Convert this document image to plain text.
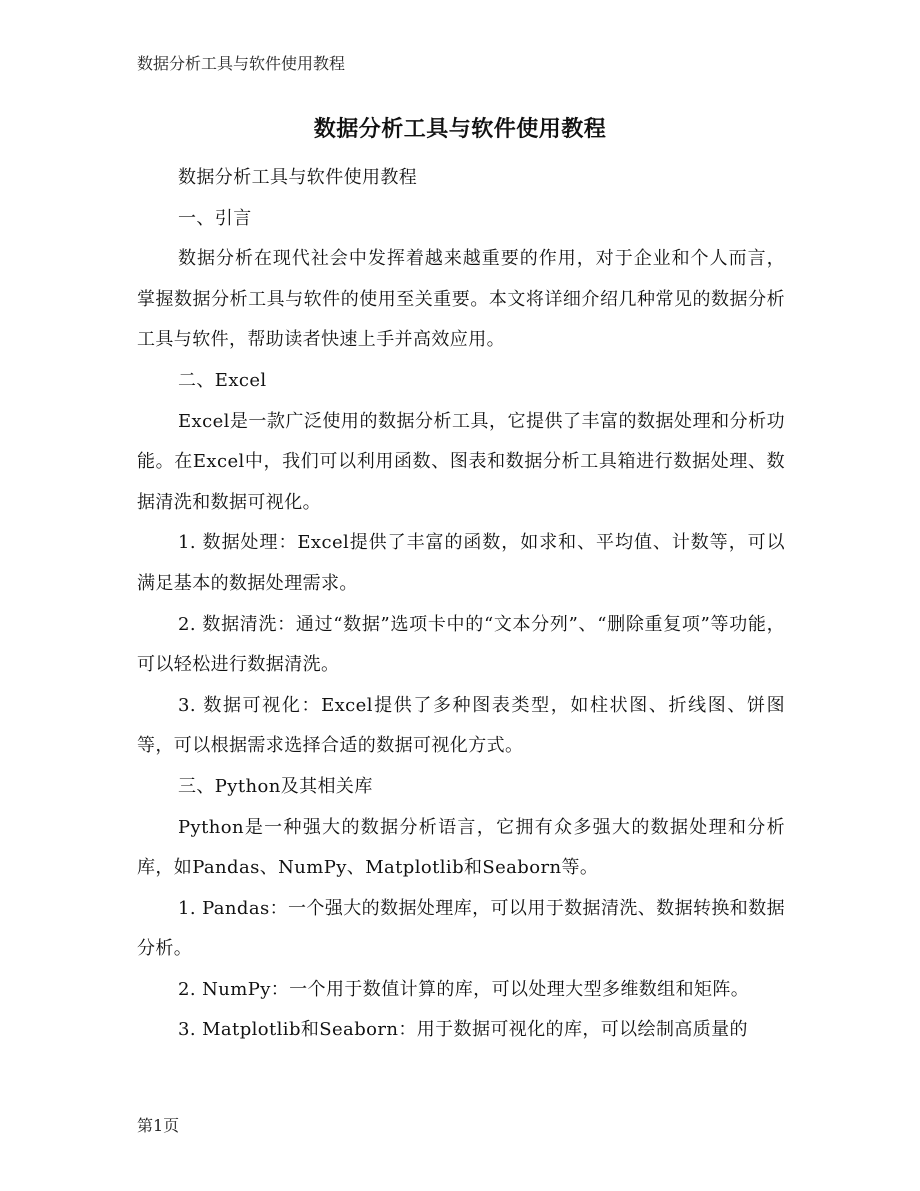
数据分析工具与软件使用教程
数据分析工具与软件使用教程

数据分析工具与软件使用教程

一、引言

数据分析在现代社会中发挥着越来越重要的作用，对于企业和个人而言，掌握数据分析工具与软件的使用至关重要。本文将详细介绍几种常见的数据分析工具与软件，帮助读者快速上手并高效应用。

二、Excel

Excel是一款广泛使用的数据分析工具，它提供了丰富的数据处理和分析功能。在Excel中，我们可以利用函数、图表和数据分析工具箱进行数据处理、数据清洗和数据可视化。

1. 数据处理：Excel提供了丰富的函数，如求和、平均值、计数等，可以满足基本的数据处理需求。

2. 数据清洗：通过“数据”选项卡中的“文本分列”、“删除重复项”等功能，可以轻松进行数据清洗。

3. 数据可视化：Excel提供了多种图表类型，如柱状图、折线图、饼图等，可以根据需求选择合适的数据可视化方式。

三、Python及其相关库

Python是一种强大的数据分析语言，它拥有众多强大的数据处理和分析库，如Pandas、NumPy、Matplotlib和Seaborn等。

1. Pandas：一个强大的数据处理库，可以用于数据清洗、数据转换和数据分析。

2. NumPy：一个用于数值计算的库，可以处理大型多维数组和矩阵。

3. Matplotlib和Seaborn：用于数据可视化的库，可以绘制高质量的

第1页
